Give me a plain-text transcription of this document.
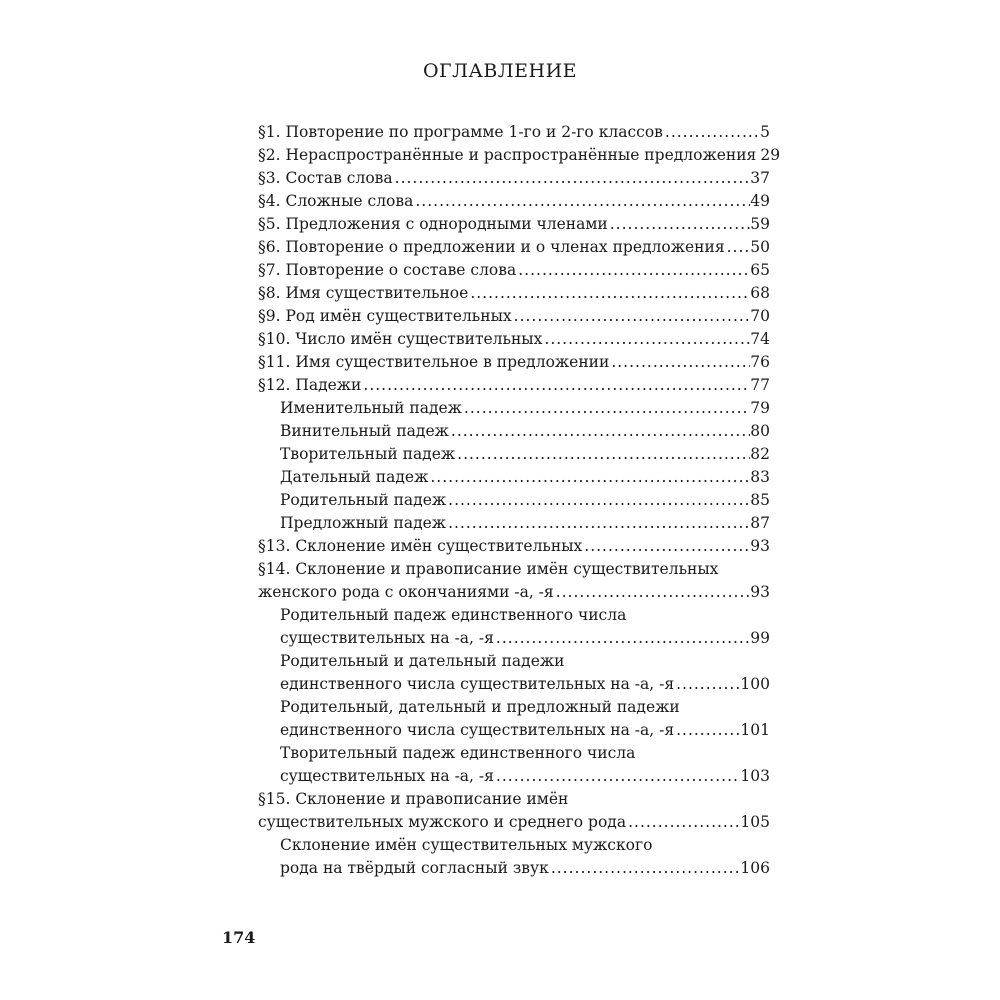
ОГЛАВЛЕНИЕ
§1. Повторение по программе 1-го и 2-го классов .....	5
§2. Нераспространённые и распространённые предложения ..... 29
§3. Состав слова .....	37
§4. Сложные слова .....	49
§5. Предложения с однородными членами .....	59
§6. Повторение о предложении и о членах предложения ..... 50
§7. Повторение о составе слова .....	65
§8. Имя существительное .....	68
§9. Род имён существительных .....	70
§10. Число имён существительных .....	74
§11. Имя существительное в предложении .....	76
§12. Падежи .....	77
Именительный падеж .....	79
Винительный падеж .....	80
Творительный падеж .....	82
Дательный падеж .....	83
Родительный падеж .....	85
Предложный падеж .....	87
§13. Склонение имён существительных .....	93
§14. Склонение и правописание имён существительных
женского рода с окончаниями -а, -я .....	93
Родительный падеж единственного числа
существительных на -а, -я .....	99
Родительный и дательный падежи
единственного числа существительных на -а, -я .....	100
Родительный, дательный и предложный падежи
единственного числа существительных на -а, -я .....	101
Творительный падеж единственного числа
существительных на -а, -я .....	103
§15. Склонение и правописание имён
существительных мужского и среднего рода .....	105
Склонение имён существительных мужского
рода на твёрдый согласный звук .....	106

174
